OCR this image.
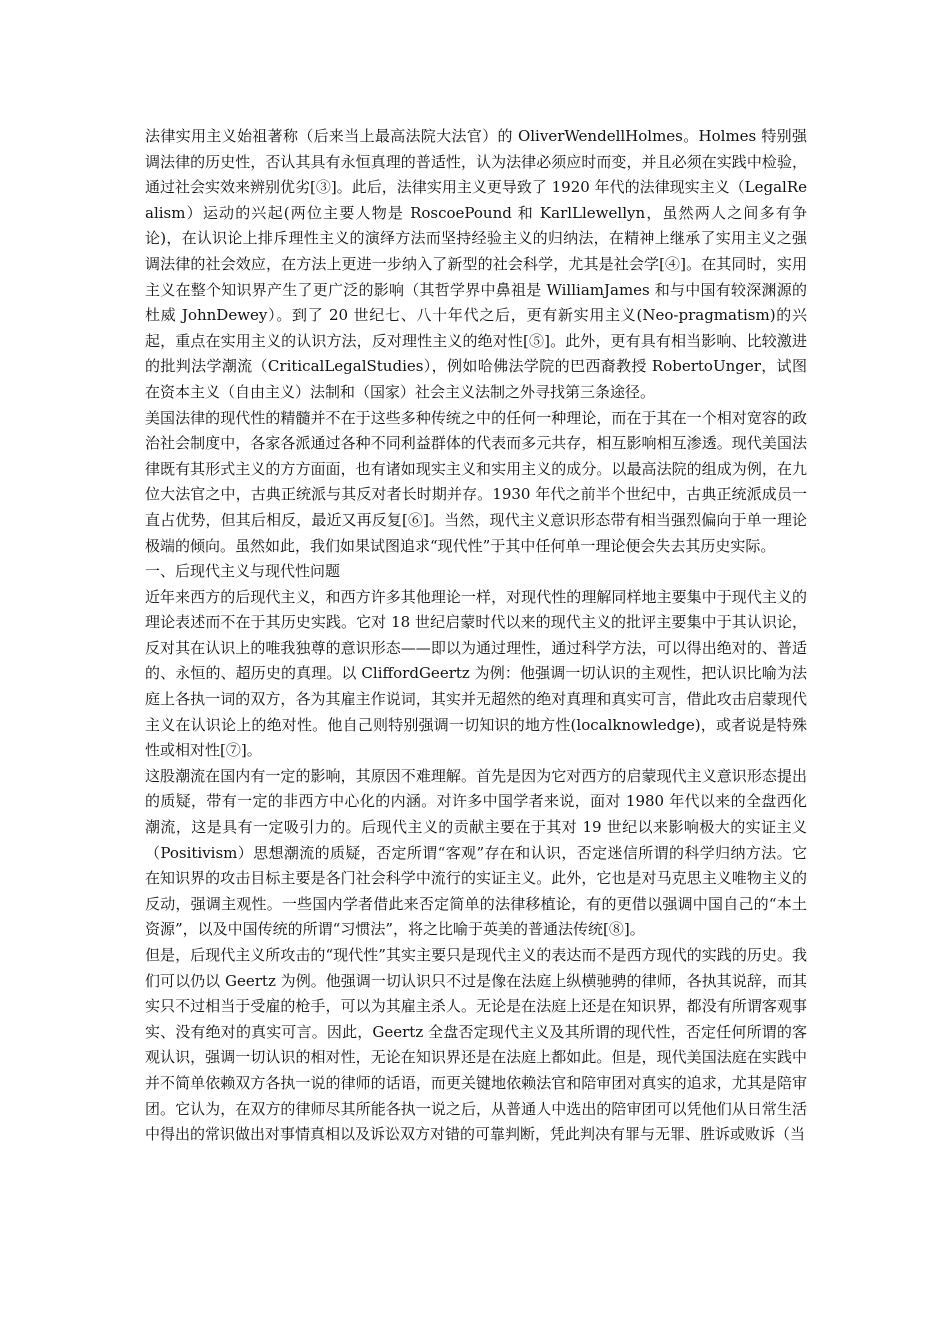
法律实用主义始祖著称（后来当上最高法院大法官）的 OliverWendellHolmes。Holmes 特别强调法律的历史性，否认其具有永恒真理的普适性，认为法律必须应时而变，并且必须在实践中检验，通过社会实效来辨别优劣[③]。此后，法律实用主义更导致了 1920 年代的法律现实主义（LegalRealism）运动的兴起(两位主要人物是 RoscoePound 和 KarlLlewellyn，虽然两人之间多有争论)，在认识论上排斥理性主义的演绎方法而坚持经验主义的归纳法，在精神上继承了实用主义之强调法律的社会效应，在方法上更进一步纳入了新型的社会科学，尤其是社会学[④]。在其同时，实用主义在整个知识界产生了更广泛的影响（其哲学界中鼻祖是 WilliamJames 和与中国有较深渊源的杜威 JohnDewey）。到了 20 世纪七、八十年代之后，更有新实用主义(Neo-pragmatism)的兴起，重点在实用主义的认识方法，反对理性主义的绝对性[⑤]。此外，更有具有相当影响、比较激进的批判法学潮流（CriticalLegalStudies），例如哈佛法学院的巴西裔教授 RobertoUnger，试图在资本主义（自由主义）法制和（国家）社会主义法制之外寻找第三条途径。

美国法律的现代性的精髓并不在于这些多种传统之中的任何一种理论，而在于其在一个相对宽容的政治社会制度中，各家各派通过各种不同利益群体的代表而多元共存，相互影响相互渗透。现代美国法律既有其形式主义的方方面面，也有诸如现实主义和实用主义的成分。以最高法院的组成为例，在九位大法官之中，古典正统派与其反对者长时期并存。1930 年代之前半个世纪中，古典正统派成员一直占优势，但其后相反，最近又再反复[⑥]。当然，现代主义意识形态带有相当强烈偏向于单一理论极端的倾向。虽然如此，我们如果试图追求“现代性”于其中任何单一理论便会失去其历史实际。

一、后现代主义与现代性问题

近年来西方的后现代主义，和西方许多其他理论一样，对现代性的理解同样地主要集中于现代主义的理论表述而不在于其历史实践。它对 18 世纪启蒙时代以来的现代主义的批评主要集中于其认识论，反对其在认识上的唯我独尊的意识形态——即以为通过理性，通过科学方法，可以得出绝对的、普适的、永恒的、超历史的真理。以 CliffordGeertz 为例：他强调一切认识的主观性，把认识比喻为法庭上各执一词的双方，各为其雇主作说词，其实并无超然的绝对真理和真实可言，借此攻击启蒙现代主义在认识论上的绝对性。他自己则特别强调一切知识的地方性(localknowledge)，或者说是特殊性或相对性[⑦]。

这股潮流在国内有一定的影响，其原因不难理解。首先是因为它对西方的启蒙现代主义意识形态提出的质疑，带有一定的非西方中心化的内涵。对许多中国学者来说，面对 1980 年代以来的全盘西化潮流，这是具有一定吸引力的。后现代主义的贡献主要在于其对 19 世纪以来影响极大的实证主义（Positivism）思想潮流的质疑，否定所谓“客观”存在和认识，否定迷信所谓的科学归纳方法。它在知识界的攻击目标主要是各门社会科学中流行的实证主义。此外，它也是对马克思主义唯物主义的反动，强调主观性。一些国内学者借此来否定简单的法律移植论，有的更借以强调中国自己的“本土资源”，以及中国传统的所谓“习惯法”，将之比喻于英美的普通法传统[⑧]。

但是，后现代主义所攻击的“现代性”其实主要只是现代主义的表达而不是西方现代的实践的历史。我们可以仍以 Geertz 为例。他强调一切认识只不过是像在法庭上纵横驰骋的律师，各执其说辞，而其实只不过相当于受雇的枪手，可以为其雇主杀人。无论是在法庭上还是在知识界，都没有所谓客观事实、没有绝对的真实可言。因此，Geertz 全盘否定现代主义及其所谓的现代性，否定任何所谓的客观认识，强调一切认识的相对性，无论在知识界还是在法庭上都如此。但是，现代美国法庭在实践中并不简单依赖双方各执一说的律师的话语，而更关键地依赖法官和陪审团对真实的追求，尤其是陪审团。它认为，在双方的律师尽其所能各执一说之后，从普通人中选出的陪审团可以凭他们从日常生活中得出的常识做出对事情真相以及诉讼双方对错的可靠判断，凭此判决有罪与无罪、胜诉或败诉（当
